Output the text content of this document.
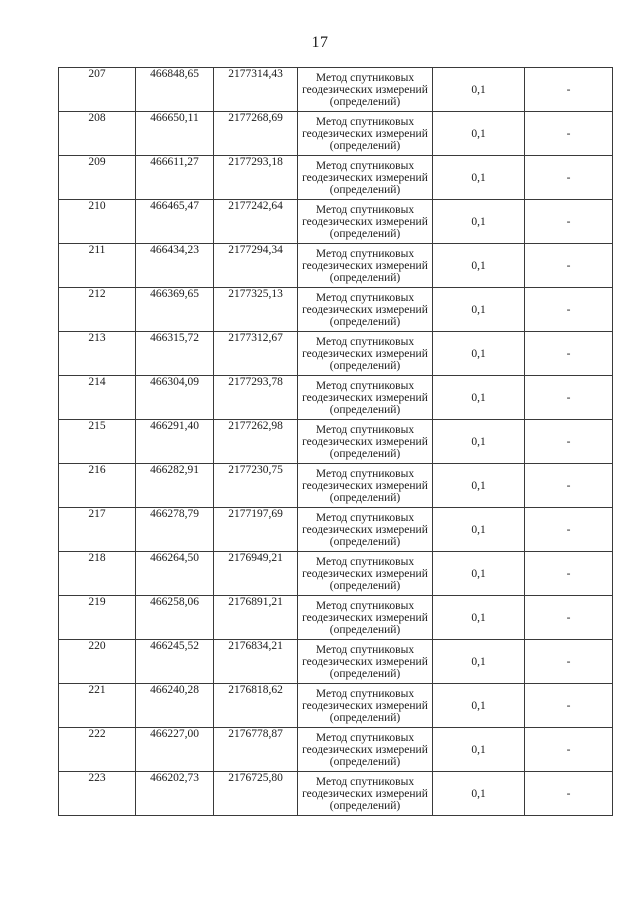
17
207	466848,65	2177314,43	Метод спутниковых
геодезических измерений
(определений)	0,1	-
208	466650,11	2177268,69	Метод спутниковых
геодезических измерений
(определений)	0,1	-
209	466611,27	2177293,18	Метод спутниковых
геодезических измерений
(определений)	0,1	-
210	466465,47	2177242,64	Метод спутниковых
геодезических измерений
(определений)	0,1	-
211	466434,23	2177294,34	Метод спутниковых
геодезических измерений
(определений)	0,1	-
212	466369,65	2177325,13	Метод спутниковых
геодезических измерений
(определений)	0,1	-
213	466315,72	2177312,67	Метод спутниковых
геодезических измерений
(определений)	0,1	-
214	466304,09	2177293,78	Метод спутниковых
геодезических измерений
(определений)	0,1	-
215	466291,40	2177262,98	Метод спутниковых
геодезических измерений
(определений)	0,1	-
216	466282,91	2177230,75	Метод спутниковых
геодезических измерений
(определений)	0,1	-
217	466278,79	2177197,69	Метод спутниковых
геодезических измерений
(определений)	0,1	-
218	466264,50	2176949,21	Метод спутниковых
геодезических измерений
(определений)	0,1	-
219	466258,06	2176891,21	Метод спутниковых
геодезических измерений
(определений)	0,1	-
220	466245,52	2176834,21	Метод спутниковых
геодезических измерений
(определений)	0,1	-
221	466240,28	2176818,62	Метод спутниковых
геодезических измерений
(определений)	0,1	-
222	466227,00	2176778,87	Метод спутниковых
геодезических измерений
(определений)	0,1	-
223	466202,73	2176725,80	Метод спутниковых
геодезических измерений
(определений)	0,1	-
